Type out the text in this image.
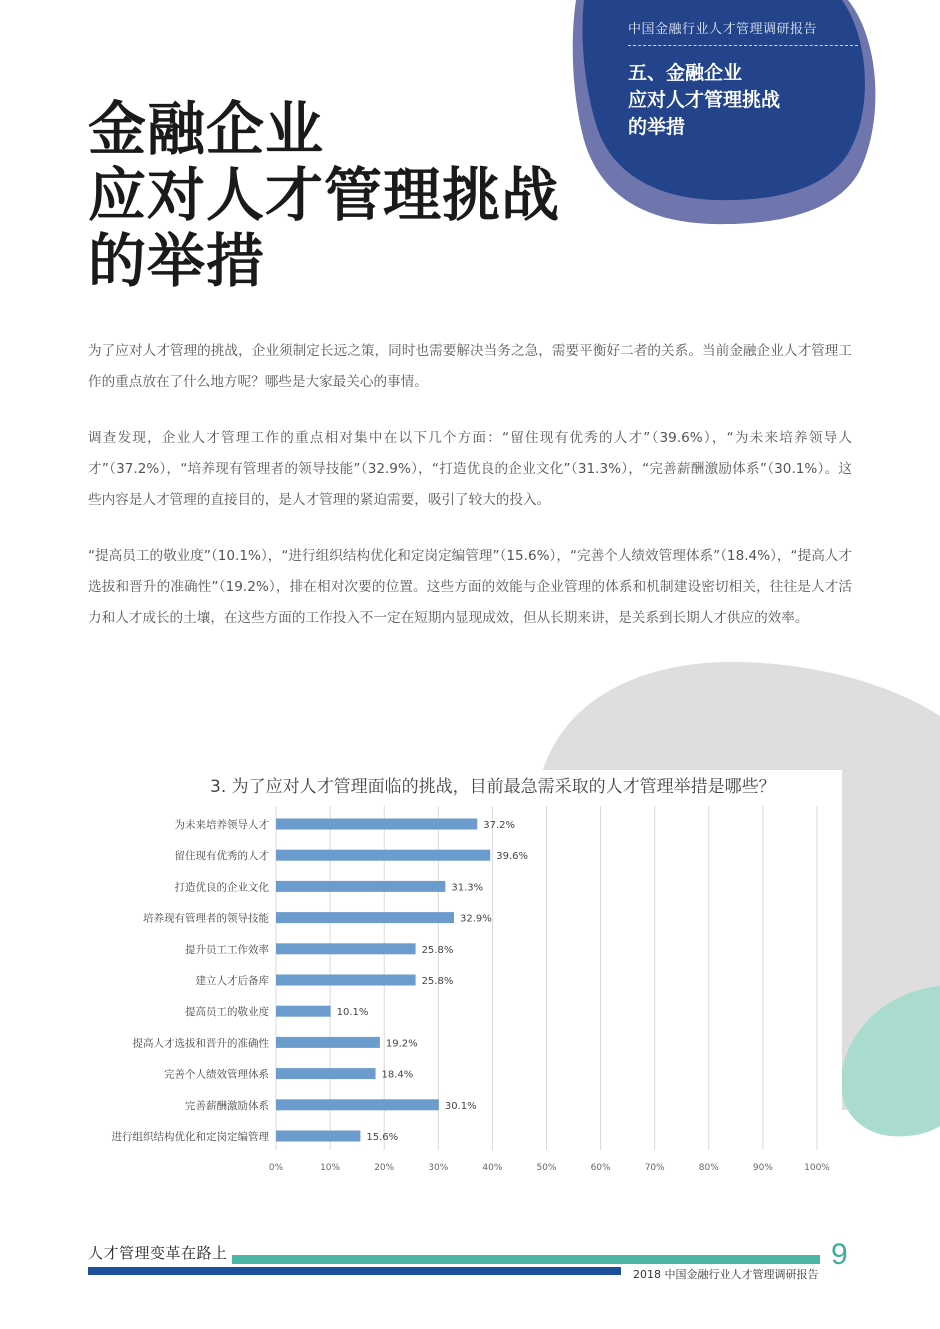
中国金融行业人才管理调研报告
五、金融企业
应对人才管理挑战
的举措
金融企业
应对人才管理挑战
的举措

为了应对人才管理的挑战，企业须制定长远之策，同时也需要解决当务之急，需要平衡好二者的关系。当前金融企业人才管理工作的重点放在了什么地方呢？哪些是大家最关心的事情。

调查发现，企业人才管理工作的重点相对集中在以下几个方面：“留住现有优秀的人才”（39.6%），“为未来培养领导人才”（37.2%），“培养现有管理者的领导技能”（32.9%），“打造优良的企业文化”（31.3%），“完善薪酬激励体系”（30.1%）。这些内容是人才管理的直接目的，是人才管理的紧迫需要，吸引了较大的投入。

“提高员工的敬业度”（10.1%），“进行组织结构优化和定岗定编管理”（15.6%），“完善个人绩效管理体系”（18.4%），“提高人才选拔和晋升的准确性”（19.2%），排在相对次要的位置。这些方面的效能与企业管理的体系和机制建设密切相关，往往是人才活力和人才成长的土壤，在这些方面的工作投入不一定在短期内显现成效，但从长期来讲，是关系到长期人才供应的效率。

3. 为了应对人才管理面临的挑战，目前最急需采取的人才管理举措是哪些？
0%	10%	20%	30%	40%	50%	60%	70%	80%	90%	100%
为未来培养领导人才	37.2%
留住现有优秀的人才	39.6%
打造优良的企业文化	31.3%
培养现有管理者的领导技能	32.9%
提升员工工作效率	25.8%
建立人才后备库	25.8%
提高员工的敬业度	10.1%
提高人才选拔和晋升的准确性	19.2%
完善个人绩效管理体系	18.4%
完善薪酬激励体系	30.1%
进行组织结构优化和定岗定编管理	15.6%
人才管理变革在路上
2018 中国金融行业人才管理调研报告
9
